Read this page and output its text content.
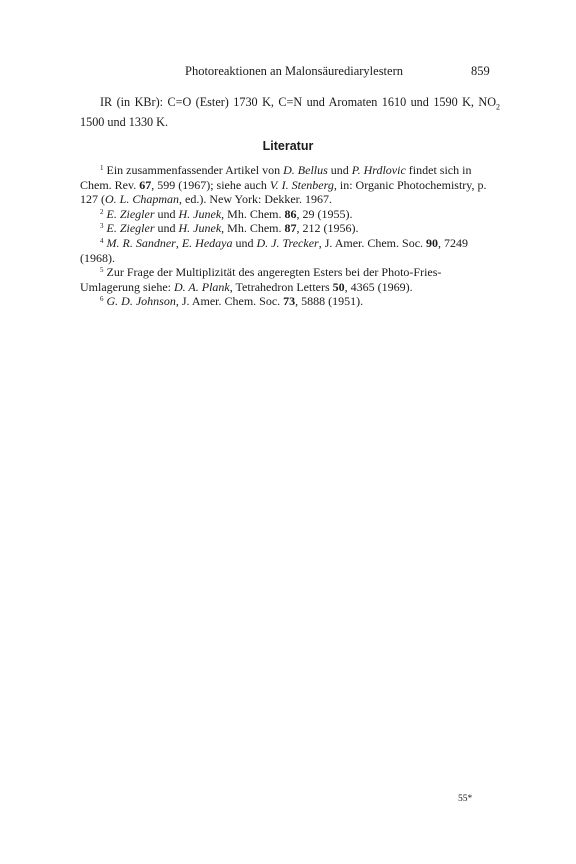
Photoreaktionen an Malonsäurediarylestern	859

IR (in KBr): C=O (Ester) 1730 K, C=N und Aromaten 1610 und 1590 K, $NO_2$ 1500 und 1330 K.

Literatur

$^1$ Ein zusammenfassender Artikel von D. Bellus und P. Hrdlovic findet sich in Chem. Rev. 67, 599 (1967); siehe auch V. I. Stenberg, in: Organic Photochemistry, p. 127 (O. L. Chapman, ed.). New York: Dekker. 1967.

$^2$ E. Ziegler und H. Junek, Mh. Chem. 86, 29 (1955).

$^3$ E. Ziegler und H. Junek, Mh. Chem. 87, 212 (1956).

$^4$ M. R. Sandner, E. Hedaya und D. J. Trecker, J. Amer. Chem. Soc. 90, 7249 (1968).

$^5$ Zur Frage der Multiplizität des angeregten Esters bei der Photo-Fries-Umlagerung siehe: D. A. Plank, Tetrahedron Letters 50, 4365 (1969).

$^6$ G. D. Johnson, J. Amer. Chem. Soc. 73, 5888 (1951).

55*
